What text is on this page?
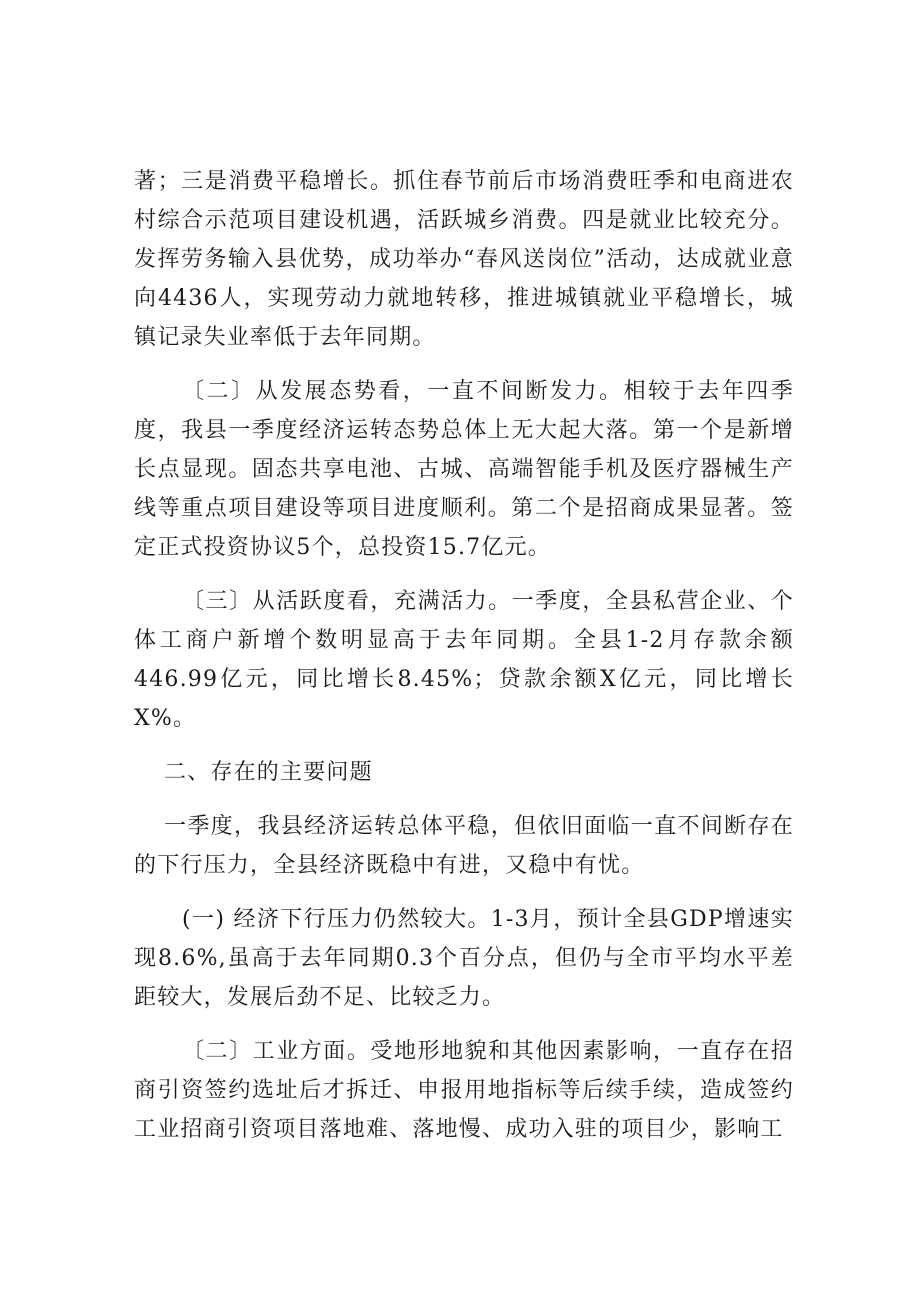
著；三是消费平稳增长。抓住春节前后市场消费旺季和电商进农村综合示范项目建设机遇，活跃城乡消费。四是就业比较充分。发挥劳务输入县优势，成功举办“春风送岗位”活动，达成就业意向4436人，实现劳动力就地转移，推进城镇就业平稳增长，城镇记录失业率低于去年同期。

〔二〕从发展态势看，一直不间断发力。相较于去年四季度，我县一季度经济运转态势总体上无大起大落。第一个是新增长点显现。固态共享电池、古城、高端智能手机及医疗器械生产线等重点项目建设等项目进度顺利。第二个是招商成果显著。签定正式投资协议5个，总投资15.7亿元。

〔三〕从活跃度看，充满活力。一季度，全县私营企业、个体工商户新增个数明显高于去年同期。全县1-2月存款余额446.99亿元，同比增长8.45%；贷款余额X亿元，同比增长X%。

二、存在的主要问题

一季度，我县经济运转总体平稳，但依旧面临一直不间断存在的下行压力，全县经济既稳中有进，又稳中有忧。

(一) 经济下行压力仍然较大。1-3月，预计全县GDP增速实现8.6%,虽高于去年同期0.3个百分点，但仍与全市平均水平差距较大，发展后劲不足、比较乏力。

〔二〕工业方面。受地形地貌和其他因素影响，一直存在招商引资签约选址后才拆迁、申报用地指标等后续手续，造成签约工业招商引资项目落地难、落地慢、成功入驻的项目少，影响工
